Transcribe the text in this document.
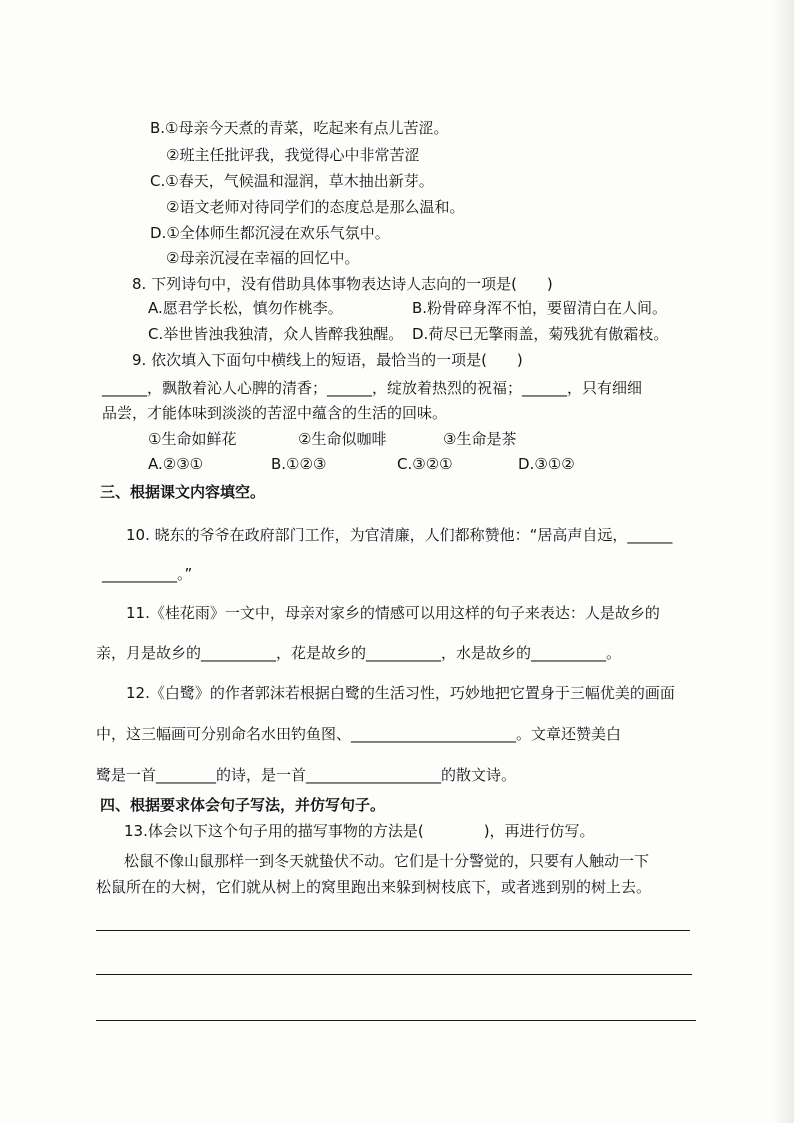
B.①母亲今天煮的青菜，吃起来有点儿苦涩。
②班主任批评我，我觉得心中非常苦涩
C.①春天，气候温和湿润，草木抽出新芽。
②语文老师对待同学们的态度总是那么温和。
D.①全体师生都沉浸在欢乐气氛中。
②母亲沉浸在幸福的回忆中。
8. 下列诗句中，没有借助具体事物表达诗人志向的一项是(　　)
A.愿君学长松，慎勿作桃李。	B.粉骨碎身浑不怕，要留清白在人间。
C.举世皆浊我独清，众人皆醉我独醒。 D.荷尽已无擎雨盖，菊残犹有傲霜枝。
9. 依次填入下面句中横线上的短语，最恰当的一项是(　　)
______，飘散着沁人心脾的清香；______，绽放着热烈的祝福；______，只有细细
品尝，才能体味到淡淡的苦涩中蕴含的生活的回味。
①生命如鲜花	②生命似咖啡	③生命是茶
A.②③①	B.①②③	C.③②①	D.③①②
三、根据课文内容填空。
10. 晓东的爷爷在政府部门工作，为官清廉，人们都称赞他：“居高声自远，______
__________。”
11.《桂花雨》一文中，母亲对家乡的情感可以用这样的句子来表达：人是故乡的
亲，月是故乡的__________，花是故乡的__________，水是故乡的__________。
12.《白鹭》的作者郭沫若根据白鹭的生活习性，巧妙地把它置身于三幅优美的画面
中，这三幅画可分别命名水田钓鱼图、______________________。文章还赞美白
鹭是一首________的诗，是一首__________________的散文诗。
四、根据要求体会句子写法，并仿写句子。
13.体会以下这个句子用的描写事物的方法是(　　　　)，再进行仿写。
松鼠不像山鼠那样一到冬天就蛰伏不动。它们是十分警觉的，只要有人触动一下
松鼠所在的大树，它们就从树上的窝里跑出来躲到树枝底下，或者逃到别的树上去。
